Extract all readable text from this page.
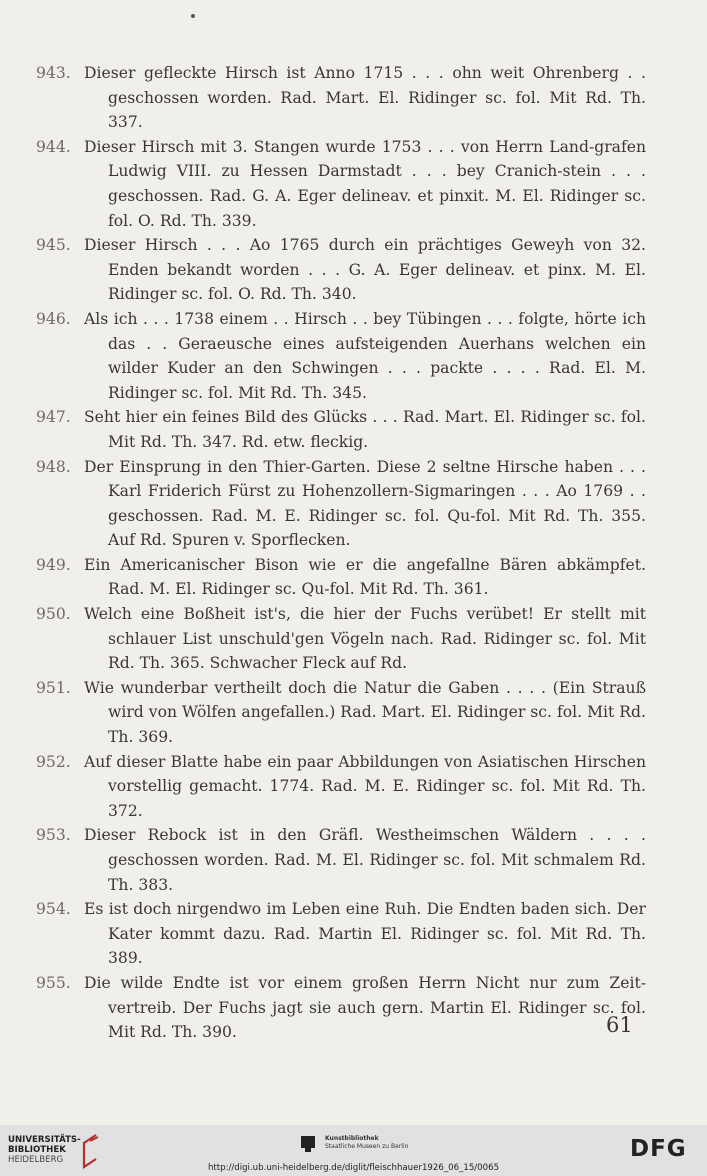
943. Dieser gefleckte Hirsch ist Anno 1715 . . . ohn weit Ohrenberg . . geschossen worden. Rad. Mart. El. Ridinger sc. fol. Mit Rd. Th. 337.

944. Dieser Hirsch mit 3. Stangen wurde 1753 . . . von Herrn Land-grafen Ludwig VIII. zu Hessen Darmstadt . . . bey Cranich-stein . . . geschossen. Rad. G. A. Eger delineav. et pinxit. M. El. Ridinger sc. fol. O. Rd. Th. 339.

945. Dieser Hirsch . . . Ao 1765 durch ein prächtiges Geweyh von 32. Enden bekandt worden . . . G. A. Eger delineav. et pinx. M. El. Ridinger sc. fol. O. Rd. Th. 340.

946. Als ich . . . 1738 einem . . Hirsch . . bey Tübingen . . . folgte, hörte ich das . . Geraeusche eines aufsteigenden Auerhans welchen ein wilder Kuder an den Schwingen . . . packte . . . . Rad. El. M. Ridinger sc. fol. Mit Rd. Th. 345.

947. Seht hier ein feines Bild des Glücks . . . Rad. Mart. El. Ridinger sc. fol. Mit Rd. Th. 347. Rd. etw. fleckig.

948. Der Einsprung in den Thier-Garten. Diese 2 seltne Hirsche haben . . . Karl Friderich Fürst zu Hohenzollern-Sigmaringen . . . Ao 1769 . . geschossen. Rad. M. E. Ridinger sc. fol. Qu-fol. Mit Rd. Th. 355. Auf Rd. Spuren v. Sporflecken.

949. Ein Americanischer Bison wie er die angefallne Bären abkämpfet. Rad. M. El. Ridinger sc. Qu-fol. Mit Rd. Th. 361.

950. Welch eine Boßheit ist's, die hier der Fuchs verübet! Er stellt mit schlauer List unschuld'gen Vögeln nach. Rad. Ridinger sc. fol. Mit Rd. Th. 365. Schwacher Fleck auf Rd.

951. Wie wunderbar vertheilt doch die Natur die Gaben . . . . (Ein Strauß wird von Wölfen angefallen.) Rad. Mart. El. Ridinger sc. fol. Mit Rd. Th. 369.

952. Auf dieser Blatte habe ein paar Abbildungen von Asiatischen Hirschen vorstellig gemacht. 1774. Rad. M. E. Ridinger sc. fol. Mit Rd. Th. 372.

953. Dieser Rebock ist in den Gräfl. Westheimschen Wäldern . . . . geschossen worden. Rad. M. El. Ridinger sc. fol. Mit schmalem Rd. Th. 383.

954. Es ist doch nirgendwo im Leben eine Ruh. Die Endten baden sich. Der Kater kommt dazu. Rad. Martin El. Ridinger sc. fol. Mit Rd. Th. 389.

955. Die wilde Endte ist vor einem großen Herrn Nicht nur zum Zeit-vertreib. Der Fuchs jagt sie auch gern. Martin El. Ridinger sc. fol. Mit Rd. Th. 390.	61
UNIVERSITÄTS-
BIBLIOTHEK
HEIDELBERG
Kunstbibliothek
Staatliche Museen zu Berlin	DFG
http://digi.ub.uni-heidelberg.de/diglit/fleischhauer1926_06_15/0065
